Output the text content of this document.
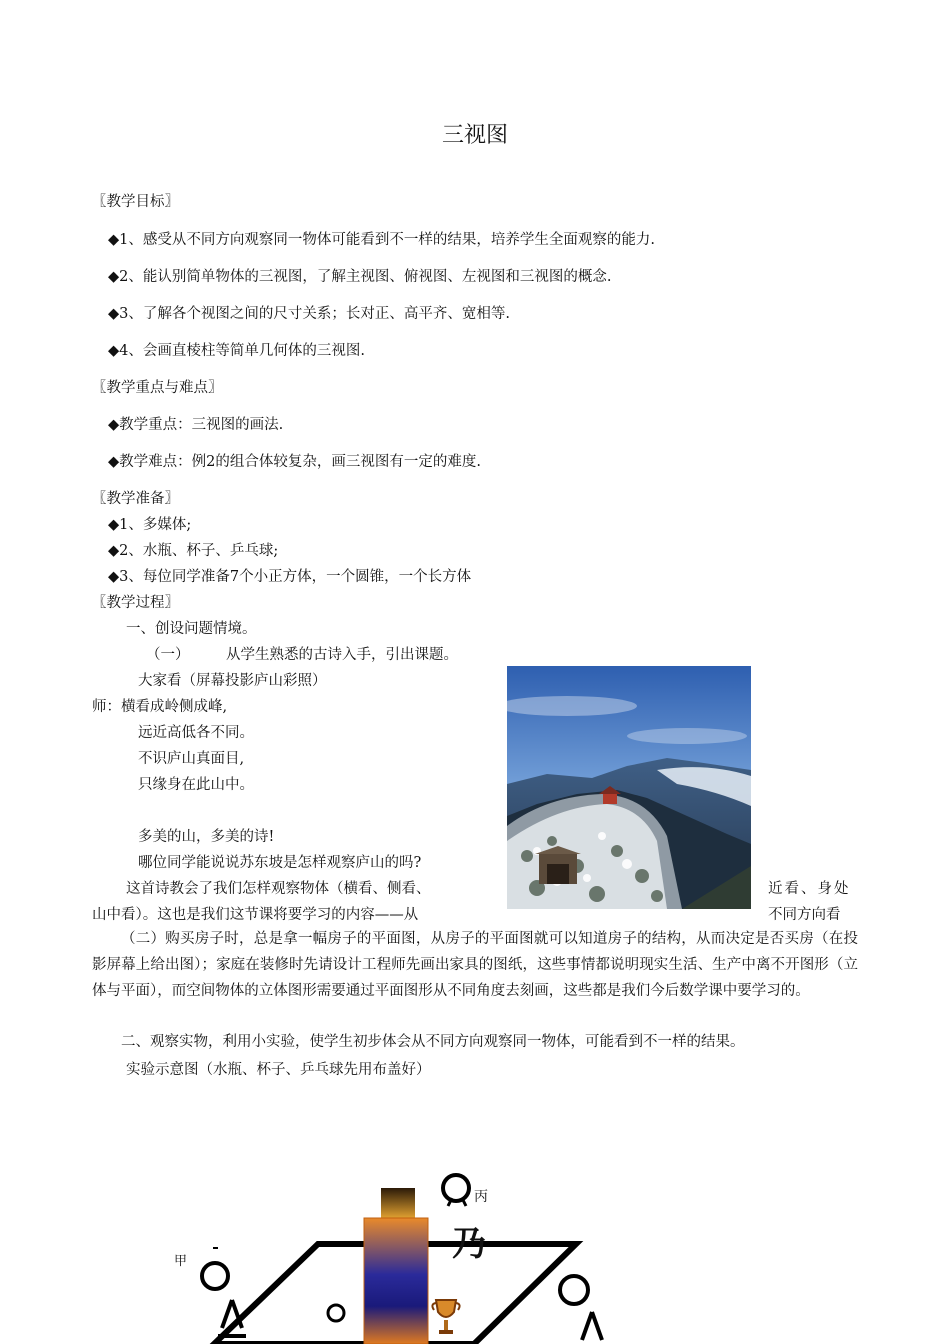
三视图
〖教学目标〗
◆1、感受从不同方向观察同一物体可能看到不一样的结果，培养学生全面观察的能力.
◆2、能认别简单物体的三视图，了解主视图、俯视图、左视图和三视图的概念.
◆3、了解各个视图之间的尺寸关系；长对正、高平齐、宽相等.
◆4、会画直棱柱等简单几何体的三视图.
〖教学重点与难点〗
◆教学重点：三视图的画法.
◆教学难点：例2的组合体较复杂，画三视图有一定的难度.
〖教学准备〗
◆1、多媒体;
◆2、水瓶、杯子、乒乓球;
◆3、每位同学准备7个小正方体，一个圆锥，一个长方体
〖教学过程〗
一、创设问题情境。
（一）	从学生熟悉的古诗入手，引出课题。
大家看（屏幕投影庐山彩照）
师：横看成岭侧成峰,
远近高低各不同。
不识庐山真面目,
只缘身在此山中。
多美的山，多美的诗!
哪位同学能说说苏东坡是怎样观察庐山的吗?
这首诗教会了我们怎样观察物体（横看、侧看、	近看、身处
山中看）。这也是我们这节课将要学习的内容——从	不同方向看

（二）购买房子时，总是拿一幅房子的平面图，从房子的平面图就可以知道房子的结构，从而决定是否买房（在投影屏幕上给出图）；家庭在装修时先请设计工程师先画出家具的图纸，这些事情都说明现实生活、生产中离不开图形（立体与平面），而空间物体的立体图形需要通过平面图形从不同角度去刻画，这些都是我们今后数学课中要学习的。

二、观察实物，利用小实验，使学生初步体会从不同方向观察同一物体，可能看到不一样的结果。

实验示意图（水瓶、杯子、乒乓球先用布盖好）
甲
丙
乃
